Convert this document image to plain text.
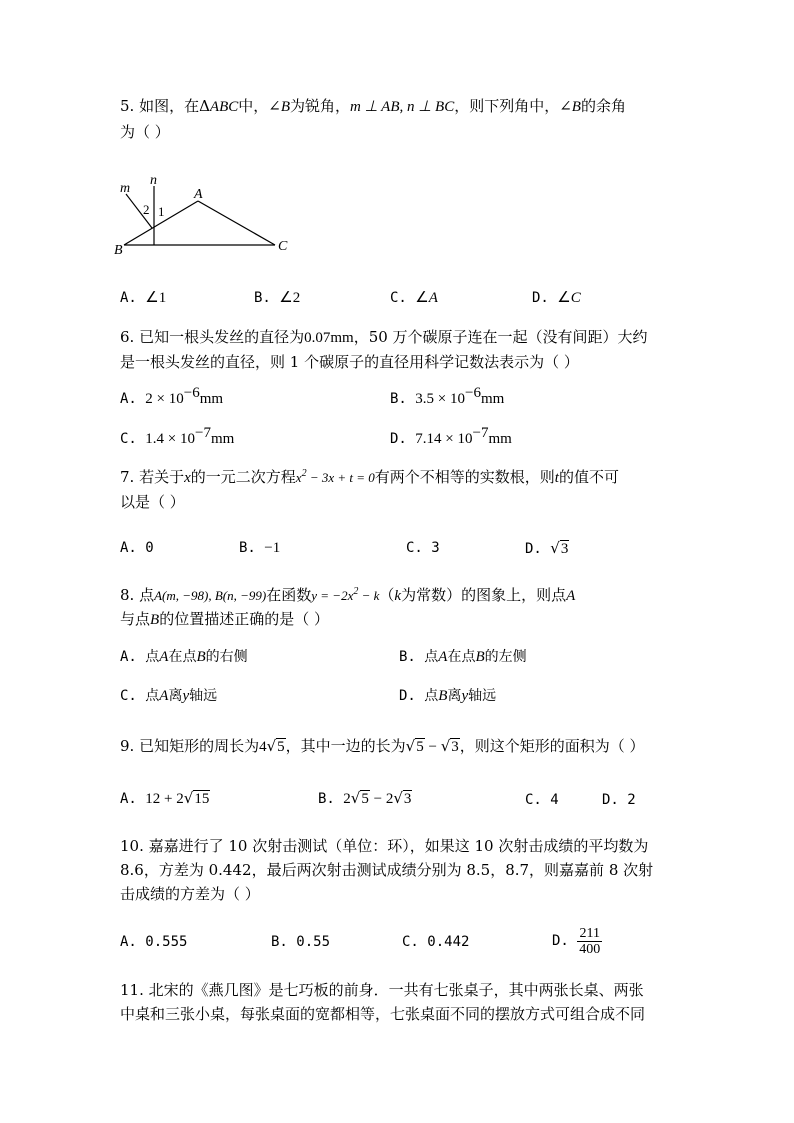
5. 如图，在ΔABC中，∠B为锐角，m ⊥ AB, n ⊥ BC，则下列角中，∠B的余角
为（ ）
m
n
A
B	C
2 1
A. ∠1	B. ∠2	C. ∠A	D. ∠C
6. 已知一根头发丝的直径为0.07mm，50 万个碳原子连在一起（没有间距）大约
是一根头发丝的直径，则 1 个碳原子的直径用科学记数法表示为（ ）
A. $2 \times 10^{-6}mm$	B. $3.5 \times 10^{-6}mm$
C. $1.4 \times 10^{-7}mm$	D. $7.14 \times 10^{-7}mm$
7. 若关于x的一元二次方程$x^2 - 3x + t = 0$有两个不相等的实数根，则t的值不可
以是（ ）
A. 0	B. −1	C. 3	D. √3
8. 点A(m, −98), B(n, −99)在函数$y = -2x^2 - k(k$为常数）的图象上，则点A
与点B的位置描述正确的是（ ）
A. 点A在点B的右侧	B. 点A在点B的左侧
C. 点A离y轴远	D. 点B离y轴远
9. 已知矩形的周长为4√5，其中一边的长为√5 − √3，则这个矩形的面积为（ ）
A. 12 + 2√15	B. 2√5 − 2√3	C. 4	D. 2
10. 嘉嘉进行了 10 次射击测试（单位：环），如果这 10 次射击成绩的平均数为
8.6，方差为 0.442，最后两次射击测试成绩分别为 8.5，8.7，则嘉嘉前 8 次射
击成绩的方差为（ ）
A. 0.555	B. 0.55	C. 0.442	D. $\frac{211}{400}$
11. 北宋的《燕几图》是七巧板的前身．一共有七张桌子，其中两张长桌、两张
中桌和三张小桌，每张桌面的宽都相等，七张桌面不同的摆放方式可组合成不同
